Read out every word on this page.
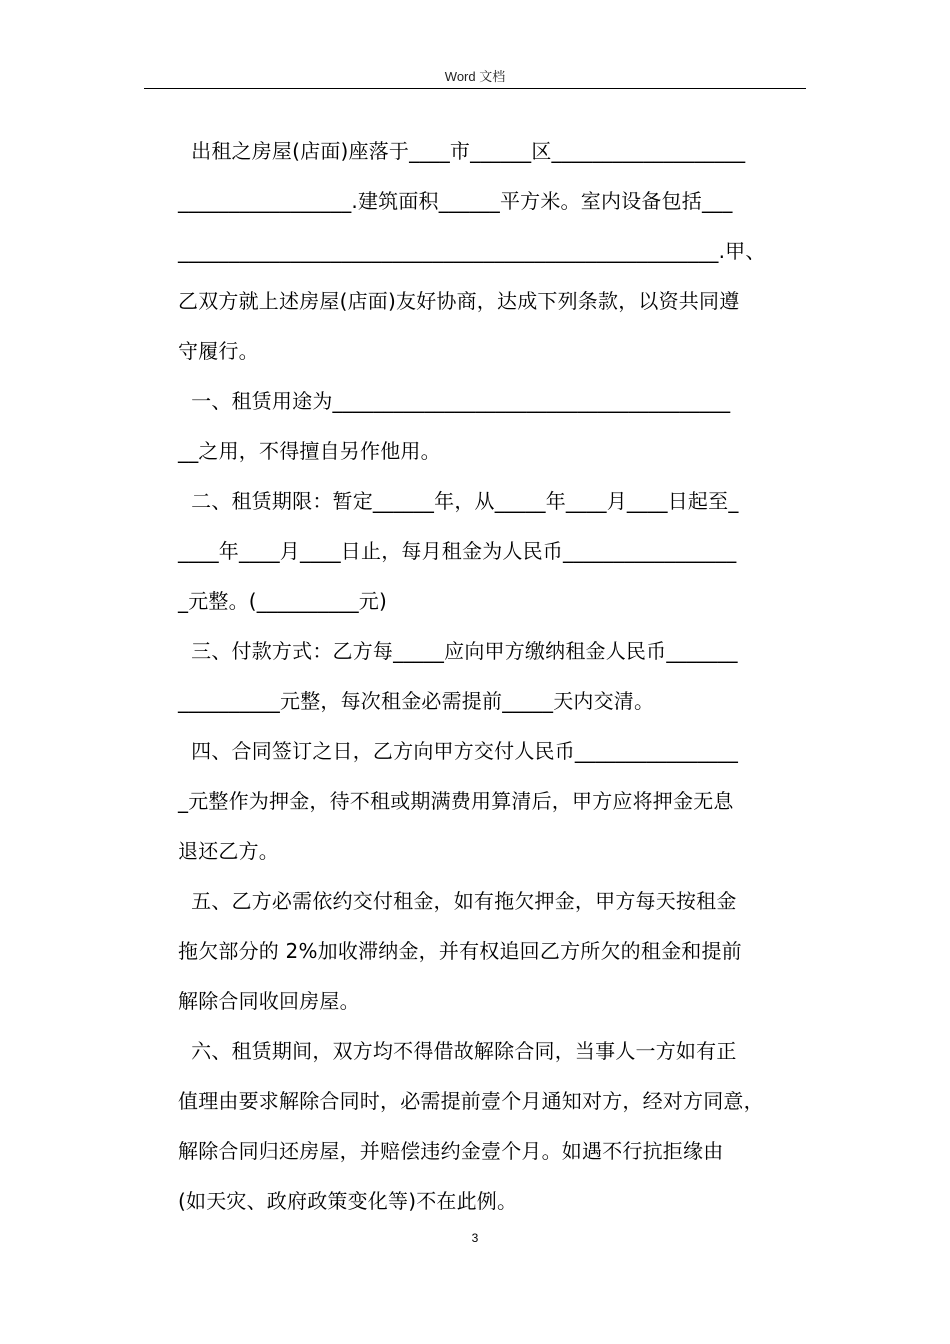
Word 文档
出租之房屋(店面)座落于____市______区___________________
_________________.建筑面积______平方米。室内设备包括___
_____________________________________________________.甲、
乙双方就上述房屋(店面)友好协商，达成下列条款，以资共同遵
守履行。
一、租赁用途为_______________________________________
__之用，不得擅自另作他用。
二、租赁期限：暂定______年，从_____年____月____日起至_
____年____月____日止，每月租金为人民币_________________
_元整。(__________元)
三、付款方式：乙方每_____应向甲方缴纳租金人民币_______
__________元整，每次租金必需提前_____天内交清。
四、合同签订之日，乙方向甲方交付人民币________________
_元整作为押金，待不租或期满费用算清后，甲方应将押金无息
退还乙方。
五、乙方必需依约交付租金，如有拖欠押金，甲方每天按租金
拖欠部分的 2%加收滞纳金，并有权追回乙方所欠的租金和提前
解除合同收回房屋。
六、租赁期间，双方均不得借故解除合同，当事人一方如有正
值理由要求解除合同时，必需提前壹个月通知对方，经对方同意，
解除合同归还房屋，并赔偿违约金壹个月。如遇不行抗拒缘由
(如天灾、政府政策变化等)不在此例。
3
